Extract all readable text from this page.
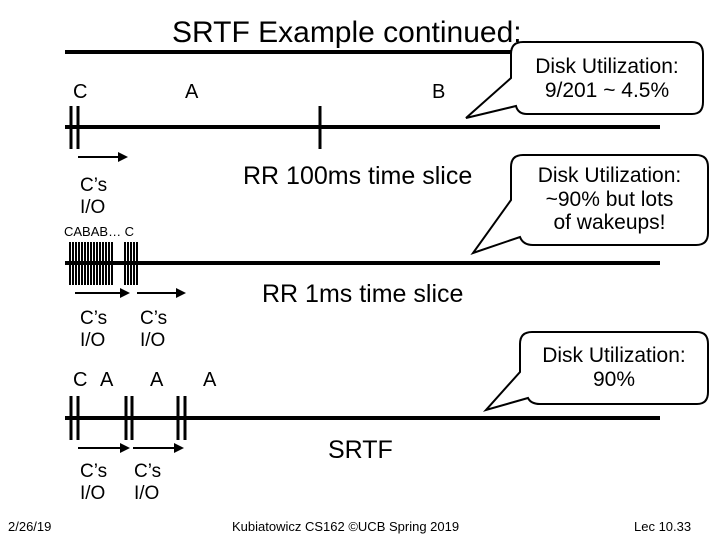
SRTF Example continued:
C	A	B
C’s
I/O
RR 100ms time slice
CABAB… C
C’s
I/O
C’s
I/O
RR 1ms time slice
C A A A
C’s
I/O
C’s
I/O
SRTF
Disk Utilization:
9/201 ~ 4.5%
Disk Utilization:
~90% but lots
of wakeups!
Disk Utilization:
90%
2/26/19	Kubiatowicz CS162 ©UCB Spring 2019	Lec 10.33
